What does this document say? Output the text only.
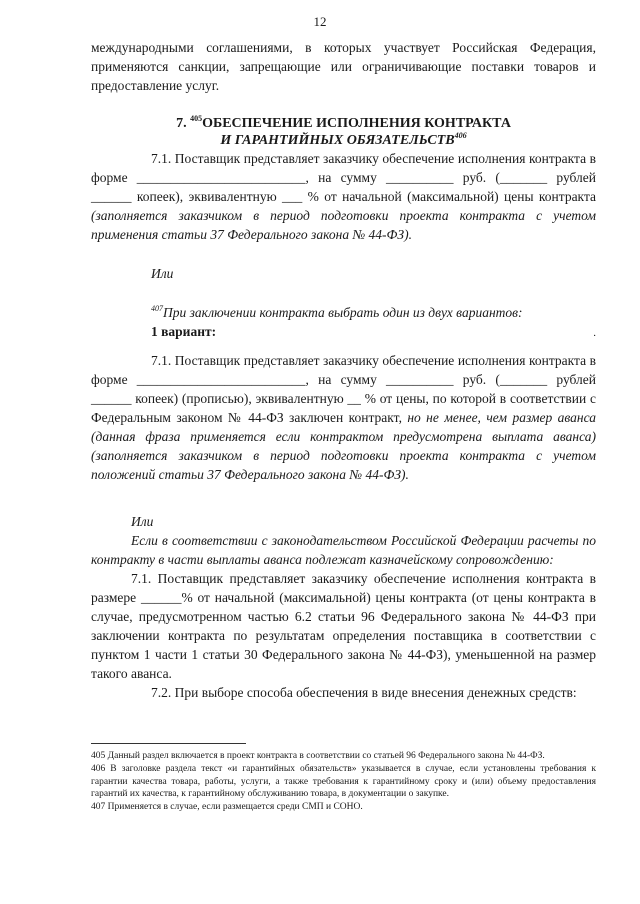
12

международными соглашениями, в которых участвует Российская Федерация, применяются санкции, запрещающие или ограничивающие поставки товаров и предоставление услуг.

7. $^{405}$ОБЕСПЕЧЕНИЕ ИСПОЛНЕНИЯ КОНТРАКТА
И ГАРАНТИЙНЫХ ОБЯЗАТЕЛЬСТВ$^{406}$

7.1. Поставщик представляет заказчику обеспечение исполнения контракта в форме _________________________, на сумму __________ руб. (_______ рублей ______ копеек), эквивалентную ___ % от начальной (максимальной) цены контракта (заполняется заказчиком в период подготовки проекта контракта с учетом применения статьи 37 Федерального закона № 44-ФЗ).

Или

$^{407}$При заключении контракта выбрать один из двух вариантов:

1 вариант:	.

7.1. Поставщик представляет заказчику обеспечение исполнения контракта в форме _________________________, на сумму __________ руб. (_______ рублей ______ копеек) (прописью), эквивалентную __ % от цены, по которой в соответствии с Федеральным законом № 44-ФЗ заключен контракт, но не менее, чем размер аванса (данная фраза применяется если контрактом предусмотрена выплата аванса) (заполняется заказчиком в период подготовки проекта контракта с учетом положений статьи 37 Федерального закона № 44-ФЗ).

Или

Если в соответствии с законодательством Российской Федерации расчеты по контракту в части выплаты аванса подлежат казначейскому сопровождению:

7.1. Поставщик представляет заказчику обеспечение исполнения контракта в размере ______% от начальной (максимальной) цены контракта (от цены контракта в случае, предусмотренном частью 6.2 статьи 96 Федерального закона № 44-ФЗ при заключении контракта по результатам определения поставщика в соответствии с пунктом 1 части 1 статьи 30 Федерального закона № 44-ФЗ), уменьшенной на размер такого аванса.

7.2. При выборе способа обеспечения в виде внесения денежных средств:

405 Данный раздел включается в проект контракта в соответствии со статьей 96 Федерального закона № 44-ФЗ.

406 В заголовке раздела текст «и гарантийных обязательств» указывается в случае, если установлены требования к гарантии качества товара, работы, услуги, а также требования к гарантийному сроку и (или) объему предоставления гарантий их качества, к гарантийному обслуживанию товара, в документации о закупке.

407 Применяется в случае, если размещается среди СМП и СОНО.
